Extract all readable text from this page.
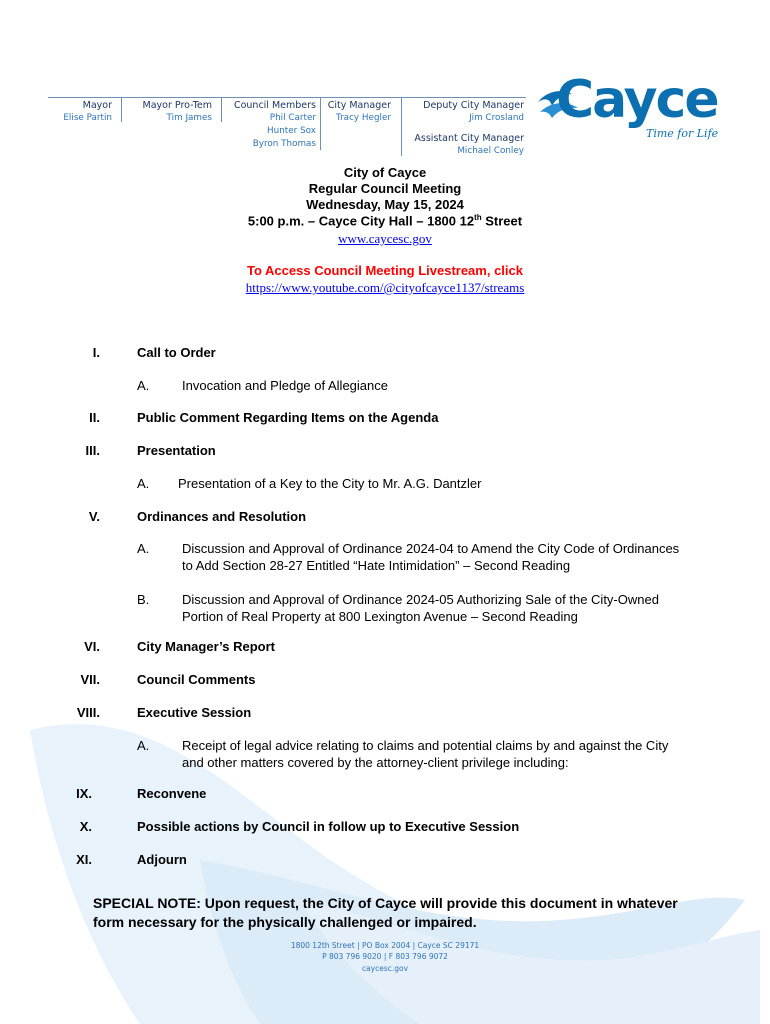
Mayor
Elise Partin
Mayor Pro-Tem
Tim James
Council Members
Phil Carter
Hunter Sox
Byron Thomas
City Manager
Tracy Hegler
Deputy City Manager
Jim Crosland
Assistant City Manager
Michael Conley
Cayce
Time for Life
City of Cayce
Regular Council Meeting
Wednesday, May 15, 2024
5:00 p.m. – Cayce City Hall – 1800 12th Street
www.caycesc.gov
To Access Council Meeting Livestream, click
https://www.youtube.com/@cityofcayce1137/streams
I.	Call to Order
A.	Invocation and Pledge of Allegiance
II.	Public Comment Regarding Items on the Agenda
III.	Presentation
A. Presentation of a Key to the City to Mr. A.G. Dantzler
V.	Ordinances and Resolution
A.	Discussion and Approval of Ordinance 2024-04 to Amend the City Code of Ordinances to Add Section 28-27 Entitled “Hate Intimidation” – Second Reading
B.	Discussion and Approval of Ordinance 2024-05 Authorizing Sale of the City-Owned Portion of Real Property at 800 Lexington Avenue – Second Reading
VI.	City Manager’s Report
VII.	Council Comments
VIII.	Executive Session
A.	Receipt of legal advice relating to claims and potential claims by and against the City and other matters covered by the attorney-client privilege including:
IX.	Reconvene
X.	Possible actions by Council in follow up to Executive Session
XI.	Adjourn
SPECIAL NOTE: Upon request, the City of Cayce will provide this document in whatever form necessary for the physically challenged or impaired.
1800 12th Street | PO Box 2004 | Cayce SC 29171
P 803 796 9020 | F 803 796 9072
caycesc.gov
